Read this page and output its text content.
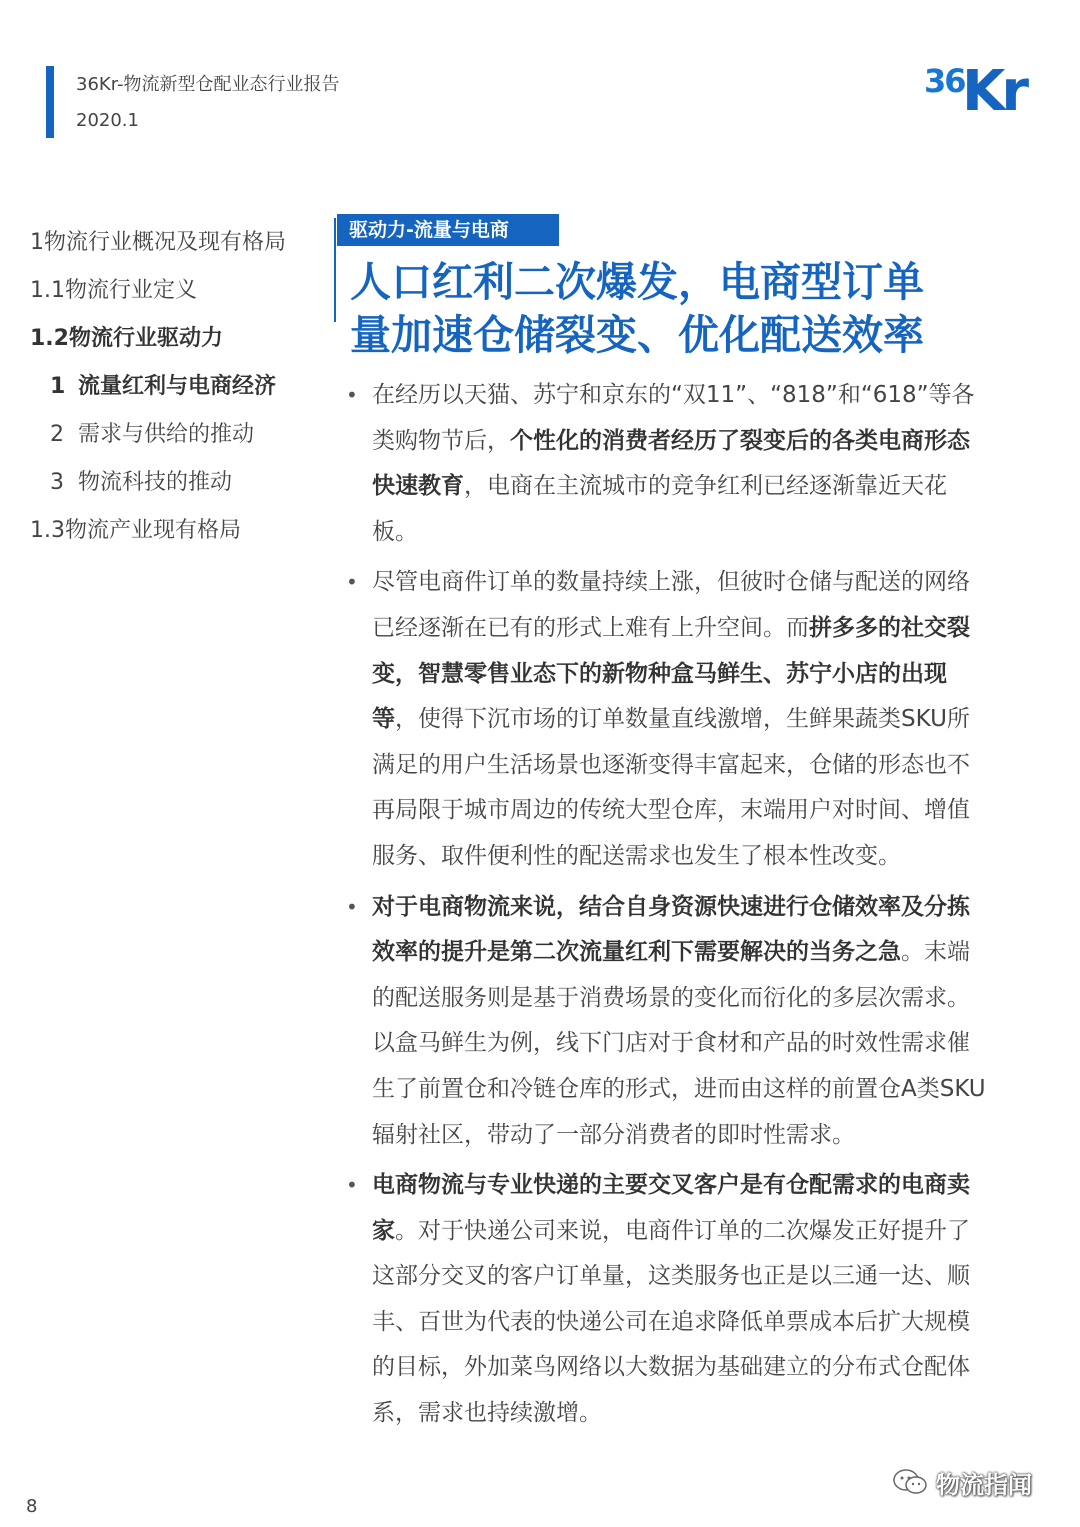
36Kr-物流新型仓配业态行业报告
2020.1
36
Kr
1物流行业概况及现有格局
1.1物流行业定义
1.2物流行业驱动力
1 流量红利与电商经济
2 需求与供给的推动
3 物流科技的推动
1.3物流产业现有格局
驱动力-流量与电商
人口红利二次爆发，电商型订单
量加速仓储裂变、优化配送效率
• 在经历以天猫、苏宁和京东的“双11”、“818”和“618”等各类购物节后，个性化的消费者经历了裂变后的各类电商形态快速教育，电商在主流城市的竞争红利已经逐渐靠近天花板。
• 尽管电商件订单的数量持续上涨，但彼时仓储与配送的网络已经逐渐在已有的形式上难有上升空间。而拼多多的社交裂变，智慧零售业态下的新物种盒马鲜生、苏宁小店的出现等，使得下沉市场的订单数量直线激增，生鲜果蔬类SKU所满足的用户生活场景也逐渐变得丰富起来，仓储的形态也不再局限于城市周边的传统大型仓库，末端用户对时间、增值服务、取件便利性的配送需求也发生了根本性改变。
• 对于电商物流来说，结合自身资源快速进行仓储效率及分拣效率的提升是第二次流量红利下需要解决的当务之急。末端的配送服务则是基于消费场景的变化而衍化的多层次需求。以盒马鲜生为例，线下门店对于食材和产品的时效性需求催生了前置仓和冷链仓库的形式，进而由这样的前置仓A类SKU辐射社区，带动了一部分消费者的即时性需求。
• 电商物流与专业快递的主要交叉客户是有仓配需求的电商卖家。对于快递公司来说，电商件订单的二次爆发正好提升了这部分交叉的客户订单量，这类服务也正是以三通一达、顺丰、百世为代表的快递公司在追求降低单票成本后扩大规模的目标，外加菜鸟网络以大数据为基础建立的分布式仓配体系，需求也持续激增。
8
物流指闻
